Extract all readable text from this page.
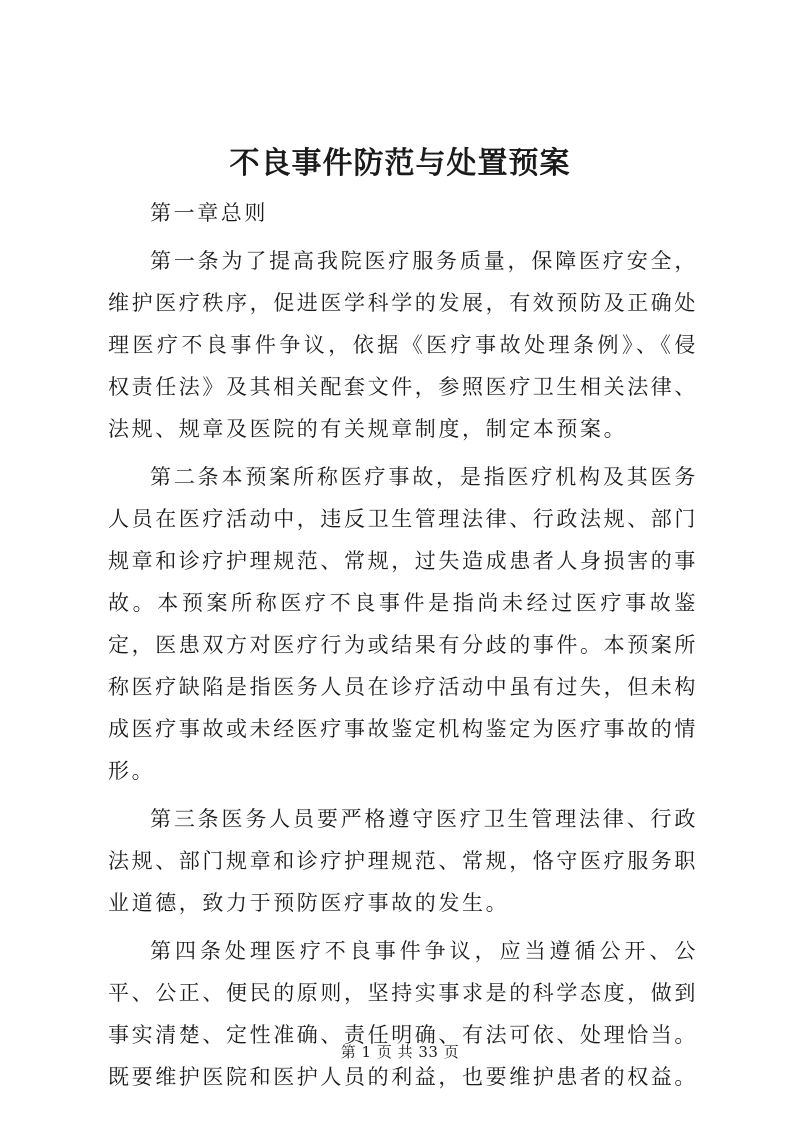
不良事件防范与处置预案

第一章总则

第一条为了提高我院医疗服务质量，保障医疗安全，维护医疗秩序，促进医学科学的发展，有效预防及正确处理医疗不良事件争议，依据《医疗事故处理条例》、《侵权责任法》及其相关配套文件，参照医疗卫生相关法律、法规、规章及医院的有关规章制度，制定本预案。

第二条本预案所称医疗事故，是指医疗机构及其医务人员在医疗活动中，违反卫生管理法律、行政法规、部门规章和诊疗护理规范、常规，过失造成患者人身损害的事故。本预案所称医疗不良事件是指尚未经过医疗事故鉴定，医患双方对医疗行为或结果有分歧的事件。本预案所称医疗缺陷是指医务人员在诊疗活动中虽有过失，但未构成医疗事故或未经医疗事故鉴定机构鉴定为医疗事故的情形。

第三条医务人员要严格遵守医疗卫生管理法律、行政法规、部门规章和诊疗护理规范、常规，恪守医疗服务职业道德，致力于预防医疗事故的发生。

第四条处理医疗不良事件争议，应当遵循公开、公平、公正、便民的原则，坚持实事求是的科学态度，做到事实清楚、定性准确、责任明确、有法可依、处理恰当。既要维护医院和医护人员的利益，也要维护患者的权益。

第 1 页 共 33 页
